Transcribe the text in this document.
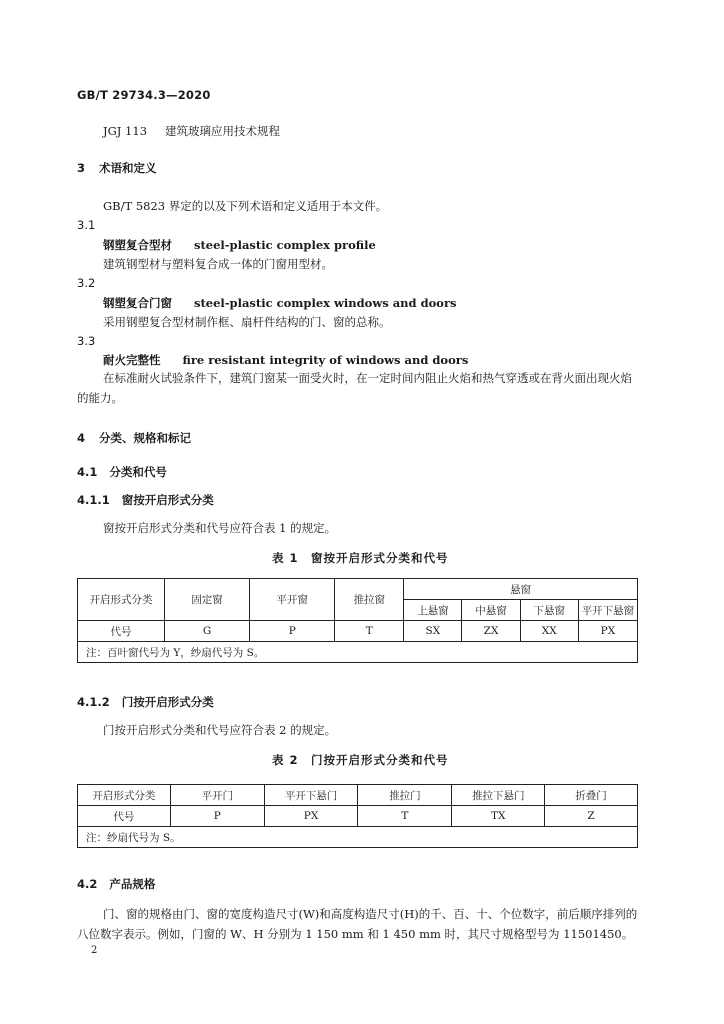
GB/T 29734.3—2020
JGJ 113 建筑玻璃应用技术规程
3 术语和定义
GB/T 5823 界定的以及下列术语和定义适用于本文件。
3.1
钢塑复合型材 steel-plastic complex profile
建筑钢型材与塑料复合成一体的门窗用型材。
3.2
钢塑复合门窗 steel-plastic complex windows and doors
采用钢塑复合型材制作框、扇杆件结构的门、窗的总称。
3.3
耐火完整性 fire resistant integrity of windows and doors
在标准耐火试验条件下，建筑门窗某一面受火时，在一定时间内阻止火焰和热气穿透或在背火面出现火焰的能力。
4 分类、规格和标记
4.1 分类和代号
4.1.1 窗按开启形式分类
窗按开启形式分类和代号应符合表 1 的规定。
表 1　窗按开启形式分类和代号
开启形式分类	固定窗	平开窗	推拉窗	悬窗			
				上悬窗	中悬窗	下悬窗	平开下悬窗
代号	G	P	T	SX	ZX	XX	PX
注：百叶窗代号为 Y，纱扇代号为 S。							
4.1.2 门按开启形式分类
门按开启形式分类和代号应符合表 2 的规定。
表 2　门按开启形式分类和代号
开启形式分类	平开门	平开下悬门	推拉门	推拉下悬门	折叠门
代号	P	PX	T	TX	Z
注：纱扇代号为 S。					
4.2 产品规格
门、窗的规格由门、窗的宽度构造尺寸(W)和高度构造尺寸(H)的千、百、十、个位数字，前后顺序排列的八位数字表示。例如，门窗的 W、H 分别为 1 150 mm 和 1 450 mm 时，其尺寸规格型号为 11501450。
2
